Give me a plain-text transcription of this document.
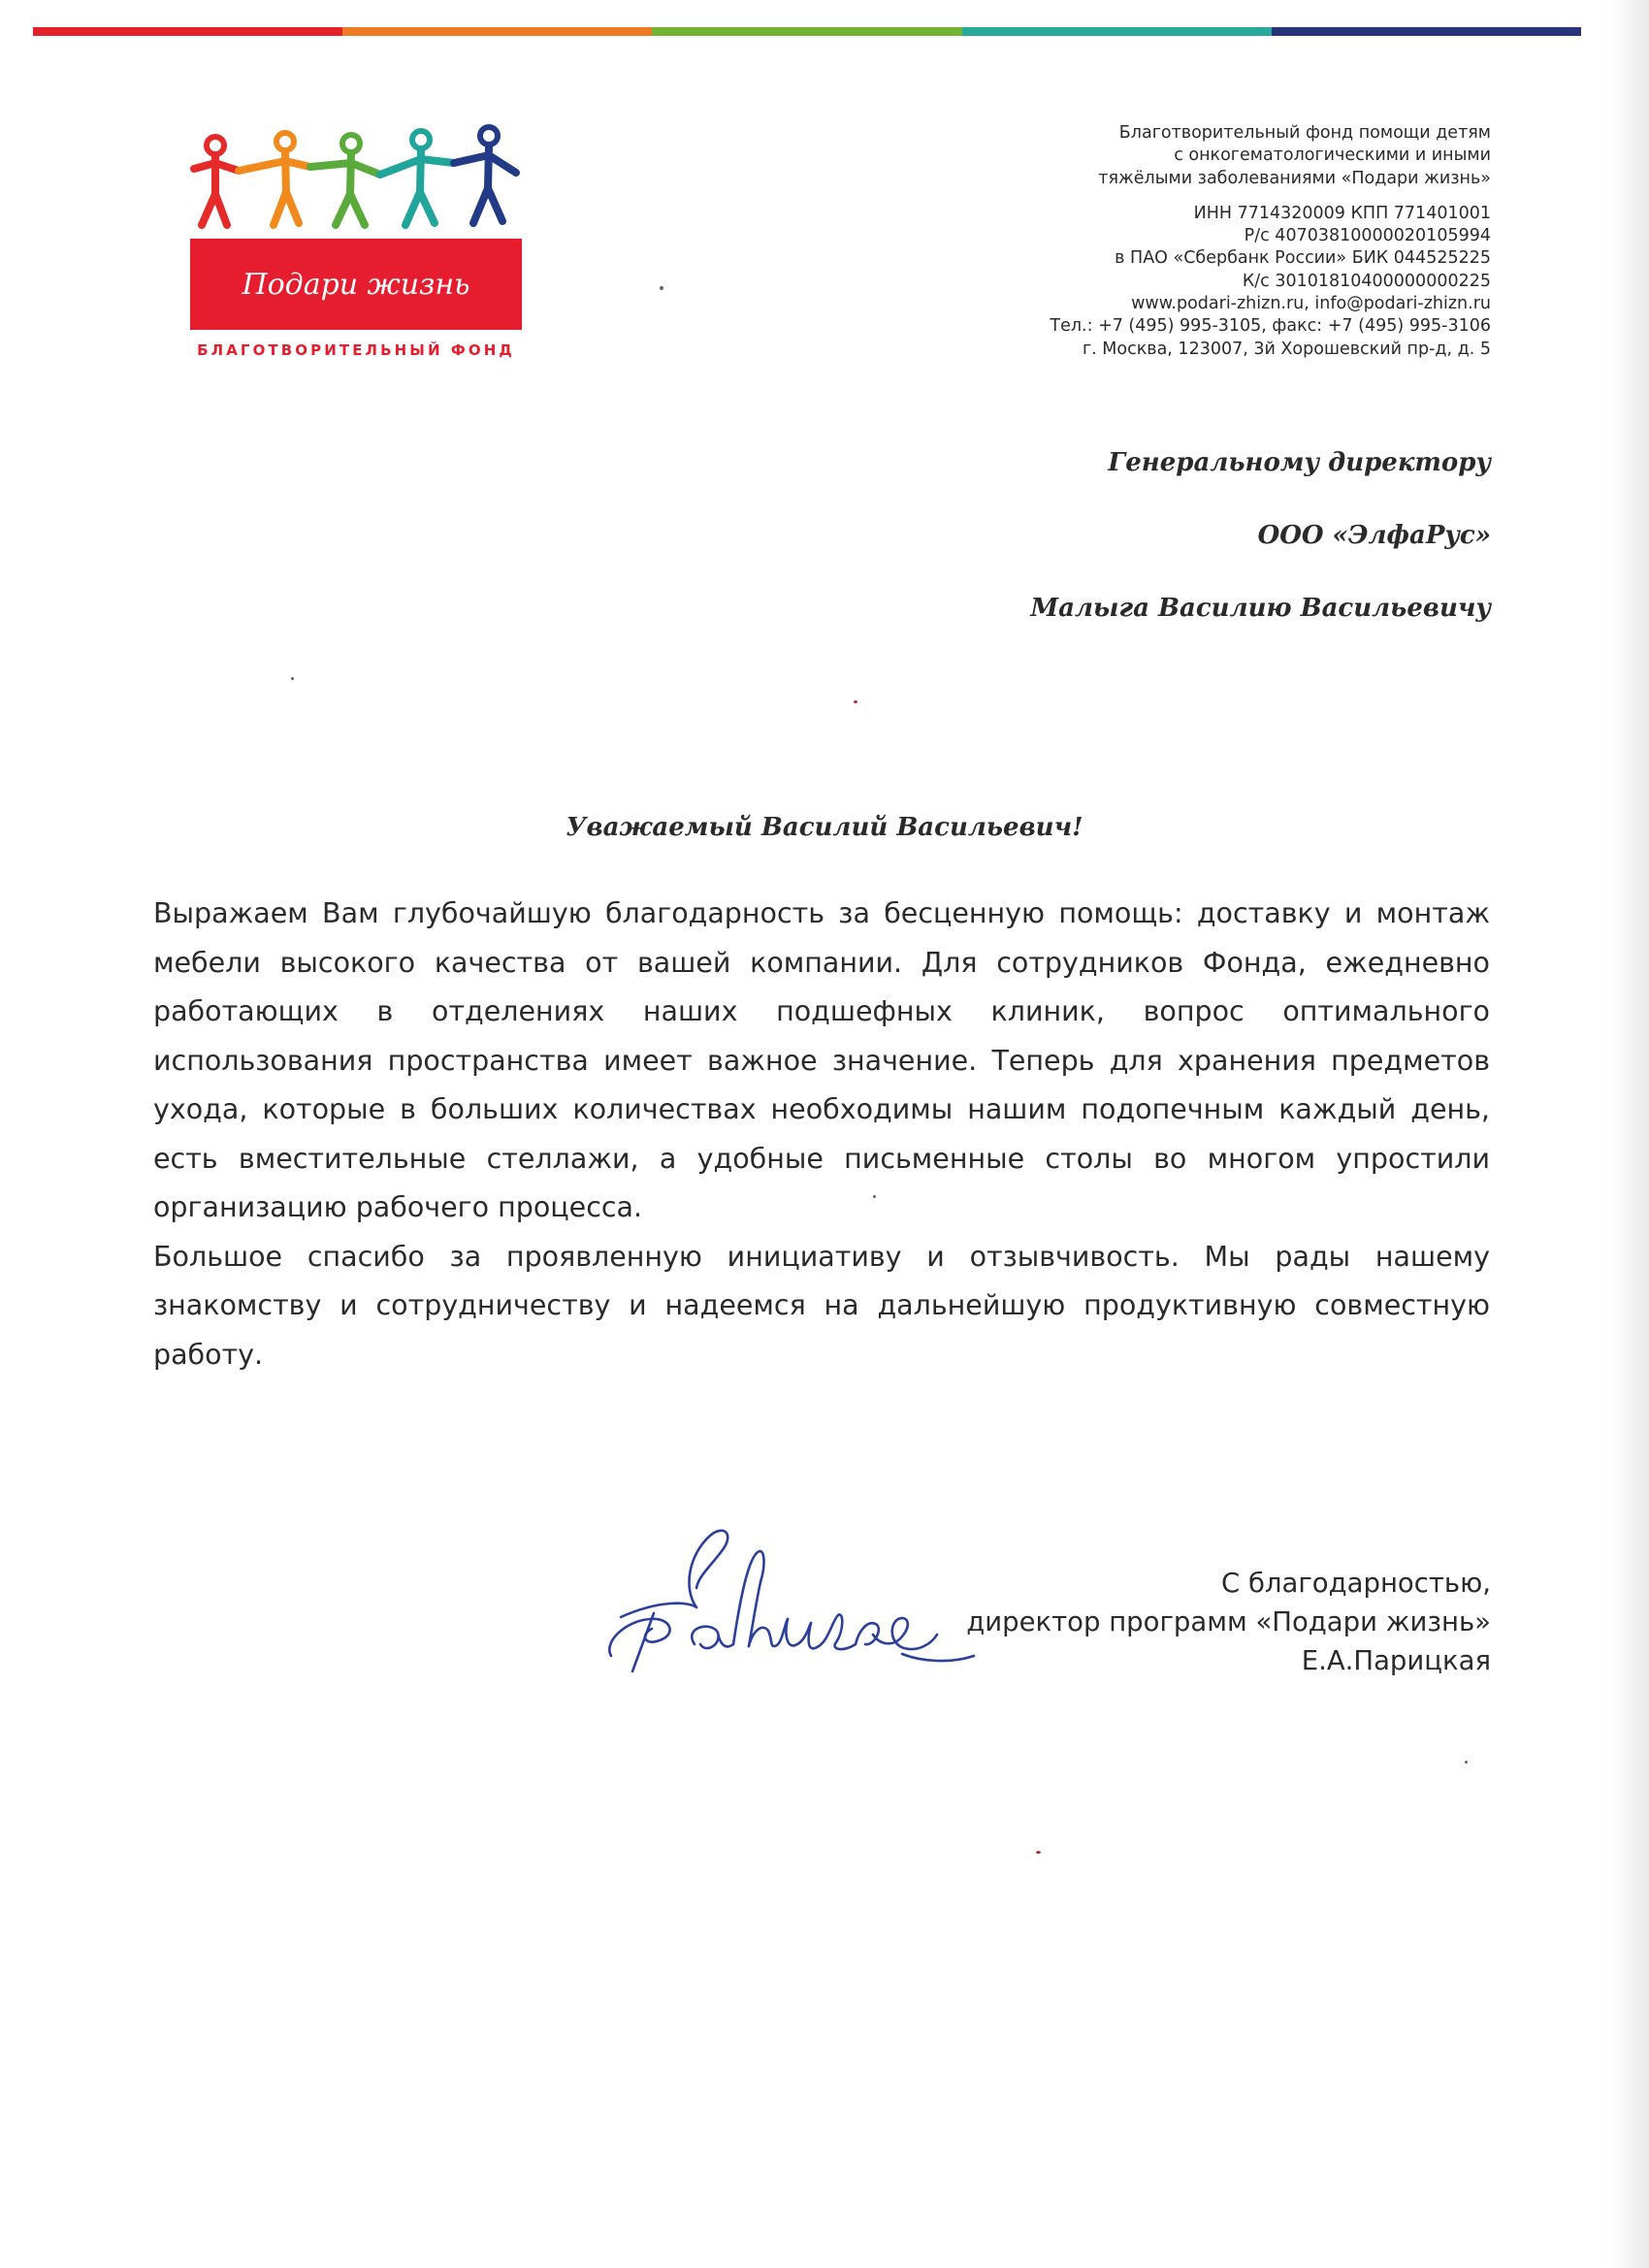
Подари жизнь
БЛАГОТВОРИТЕЛЬНЫЙ ФОНД

Благотворительный фонд помощи детям

с онкогематологическими и иными

тяжёлыми заболеваниями «Подари жизнь»

ИНН 7714320009 КПП 771401001

Р/с 40703810000020105994

в ПАО «Сбербанк России» БИК 044525225

К/с 30101810400000000225

www.podari-zhizn.ru, info@podari-zhizn.ru

Тел.: +7 (495) 995-3105, факс: +7 (495) 995-3106

г. Москва, 123007, 3й Хорошевский пр-д, д. 5

Генеральному директору

ООО «ЭлфаРус»

Малыга Василию Васильевичу

Уважаемый Василий Васильевич!

Выражаем Вам глубочайшую благодарность за бесценную помощь: доставку и монтаж мебели высокого качества от вашей компании. Для сотрудников Фонда, ежедневно работающих в отделениях наших подшефных клиник, вопрос оптимального использования пространства имеет важное значение. Теперь для хранения предметов ухода, которые в больших количествах необходимы нашим подопечным каждый день, есть вместительные стеллажи, а удобные письменные столы во многом упростили организацию рабочего процесса.

Большое спасибо за проявленную инициативу и отзывчивость. Мы рады нашему знакомству и сотрудничеству и надеемся на дальнейшую продуктивную совместную работу.

С благодарностью,

директор программ «Подари жизнь»

Е.А.Парицкая
